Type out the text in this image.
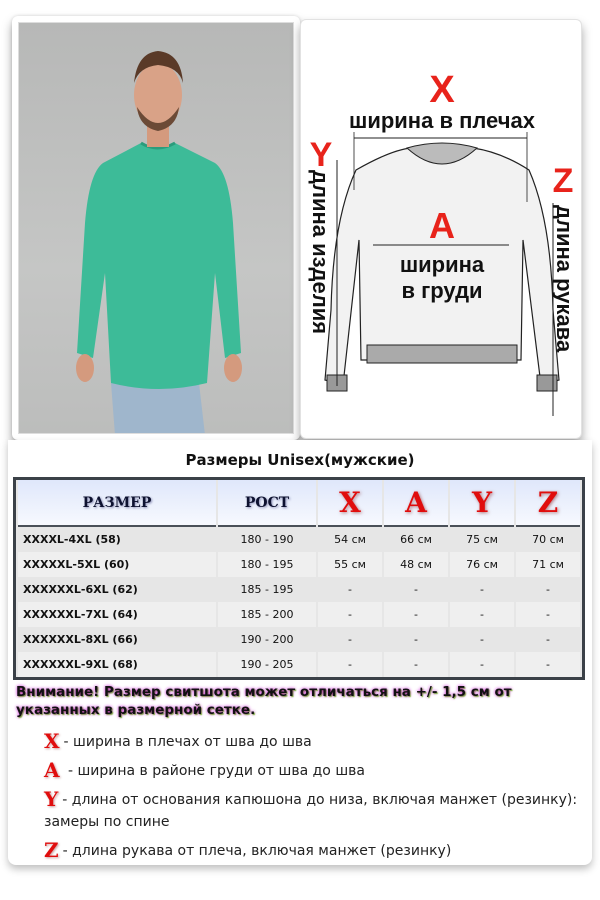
X
ширина в плечах
Y
Z
A
ширина
в груди
длина изделия	длина рукава
Размеры Unisex(мужские)
РАЗМЕР	РОСТ	X	A	Y	Z
XXXXL-4XL (58)	180 - 190	54 см	66 см	75 см	70 см
XXXXXL-5XL (60)	180 - 195	55 см	48 см	76 см	71 см
XXXXXXL-6XL (62)	185 - 195	-	-	-	-
XXXXXXL-7XL (64)	185 - 200	-	-	-	-
XXXXXXL-8XL (66)	190 - 200	-	-	-	-
XXXXXXL-9XL (68)	190 - 205	-	-	-	-
Внимание! Размер свитшота может отличаться на +/- 1,5 см от указанных в размерной сетке.
X - ширина в плечах от шва до шва
A - ширина в районе груди от шва до шва
Y - длина от основания капюшона до низа, включая манжет (резинку): замеры по спине
Z - длина рукава от плеча, включая манжет (резинку)
